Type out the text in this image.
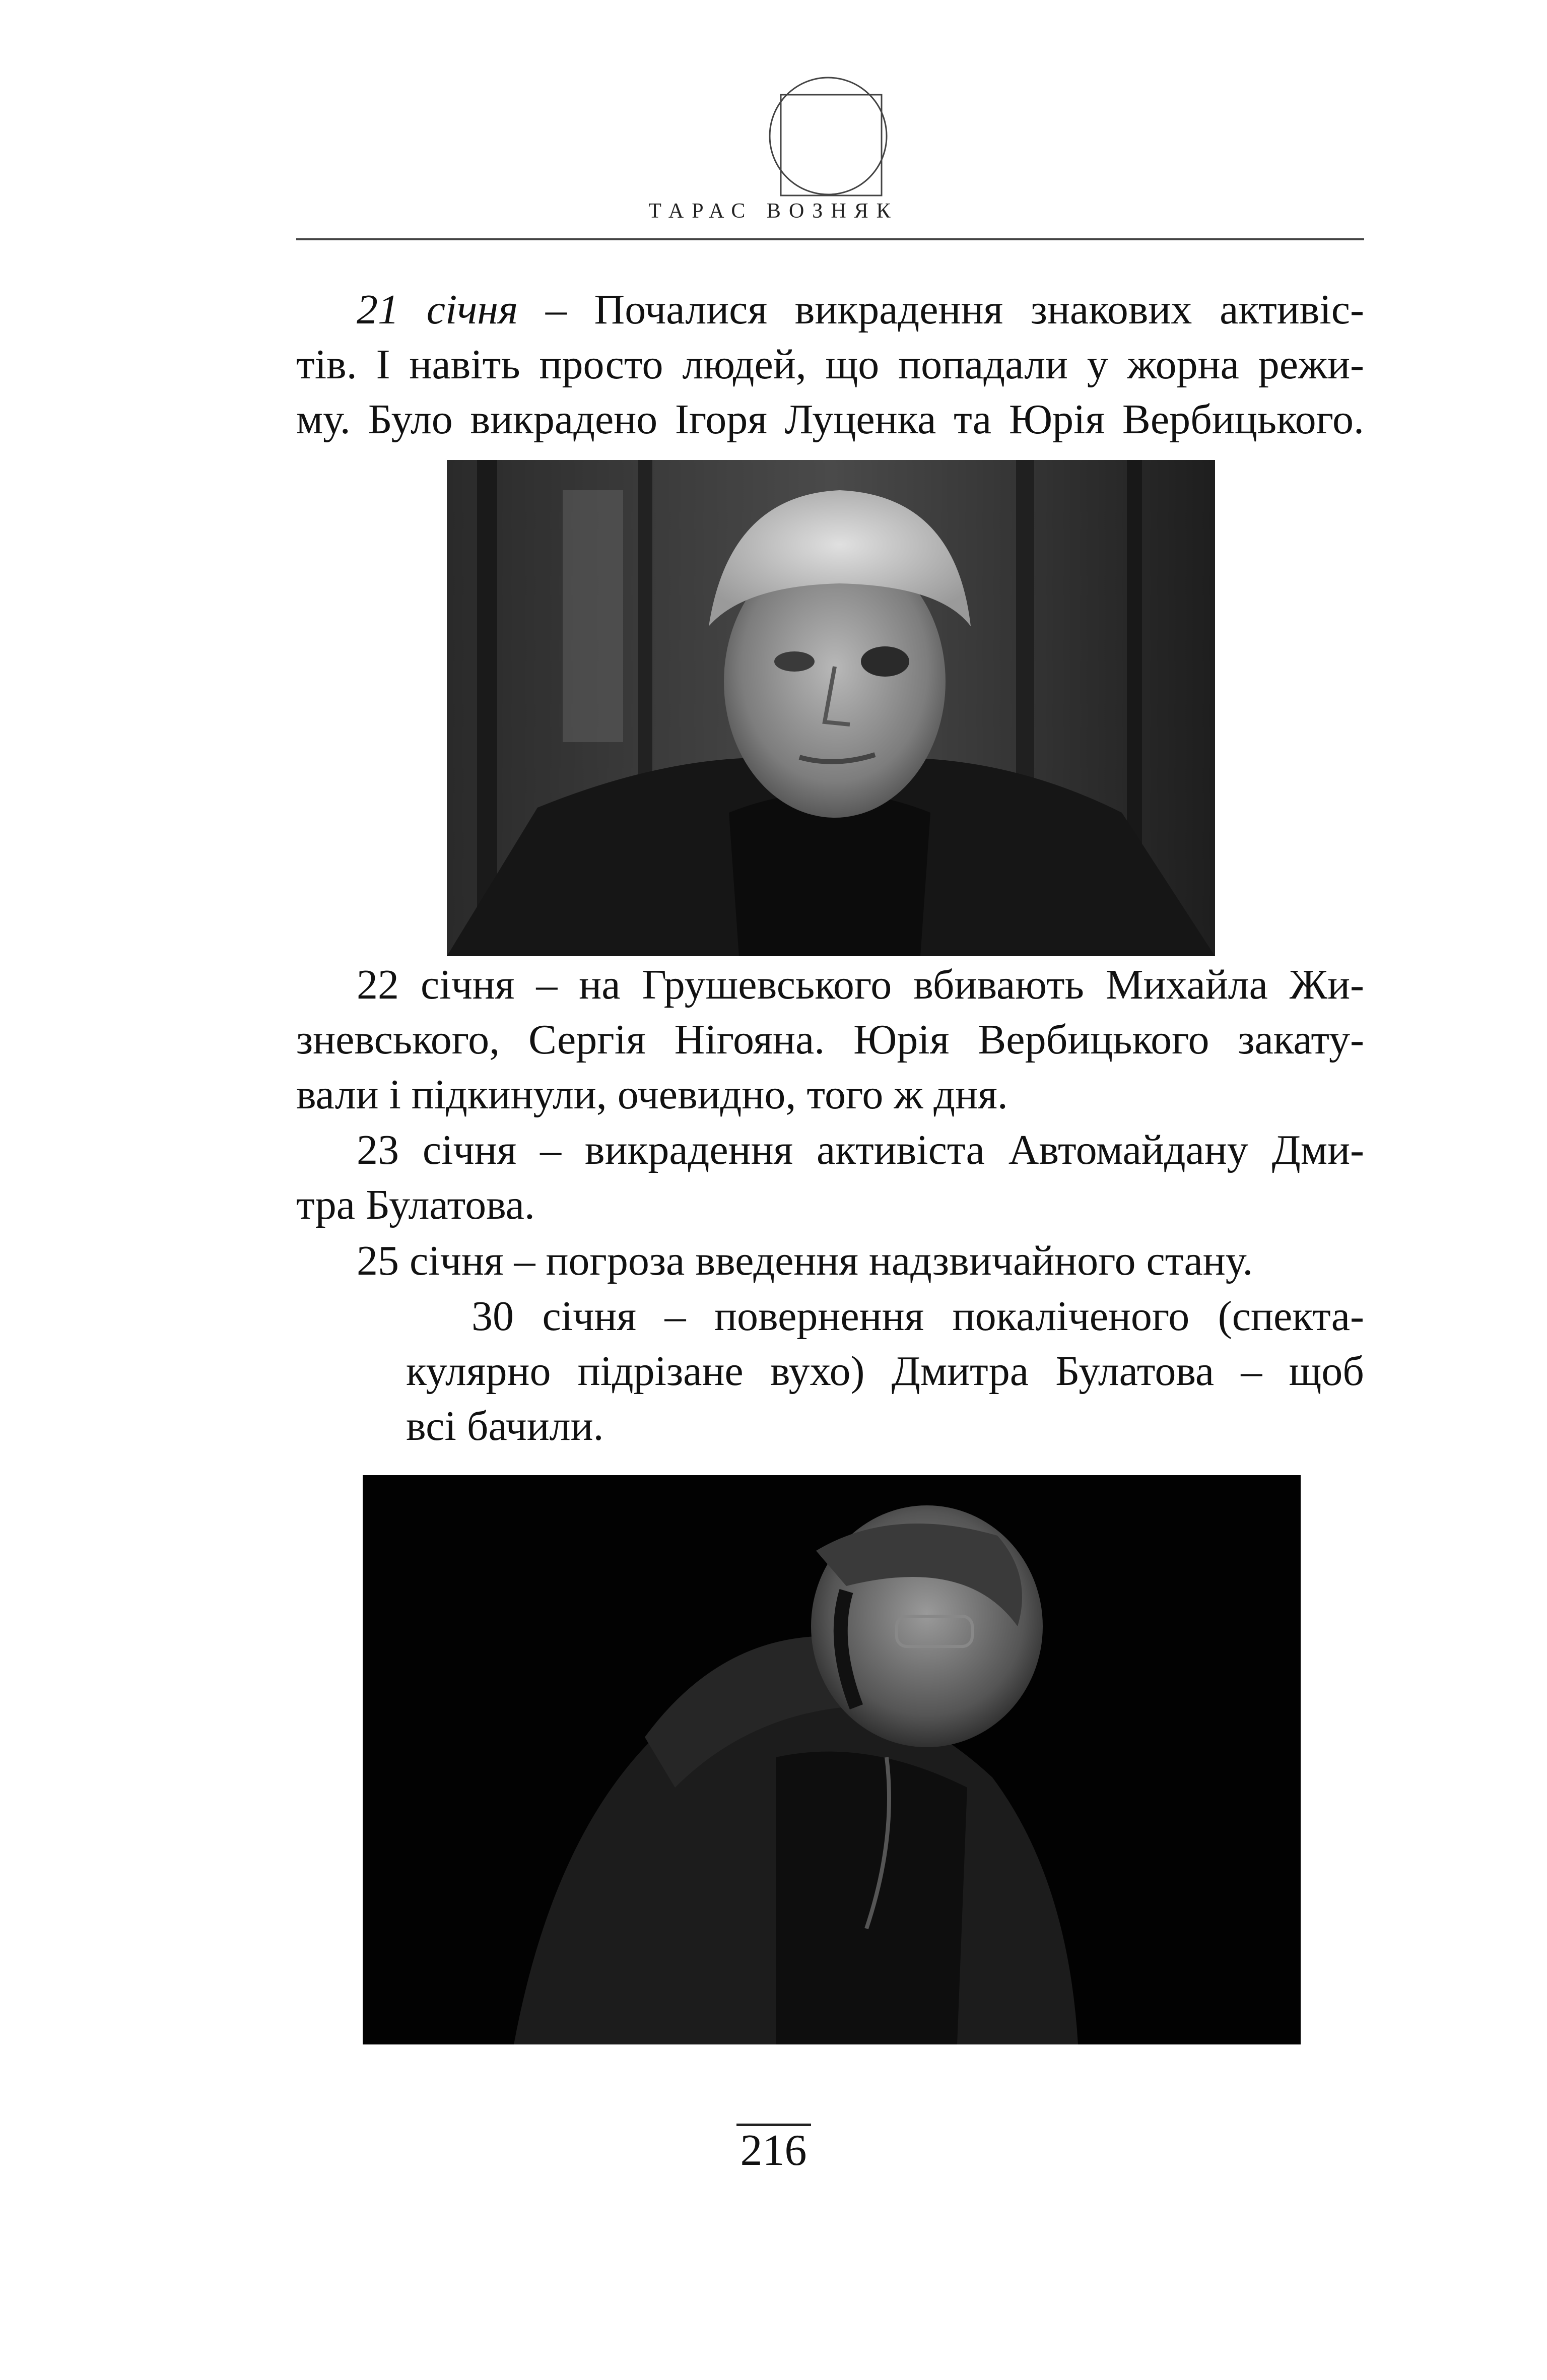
ТАРАС ВОЗНЯК
21 січня – Почалися викрадення знакових активіс-
тів. І навіть просто людей, що попадали у жорна режи-
му. Було викрадено Ігоря Луценка та Юрія Вербицького.
22 січня – на Грушевського вбивають Михайла Жи-
зневського, Сергія Нігояна. Юрія Вербицького закату-
вали і підкинули, очевидно, того ж дня.
23 січня – викрадення активіста Автомайдану Дми-
тра Булатова.
25 січня – погроза введення надзвичайного стану.
30 січня – повернення покаліченого (спекта-
кулярно підрізане вухо) Дмитра Булатова – щоб
всі бачили.
216
